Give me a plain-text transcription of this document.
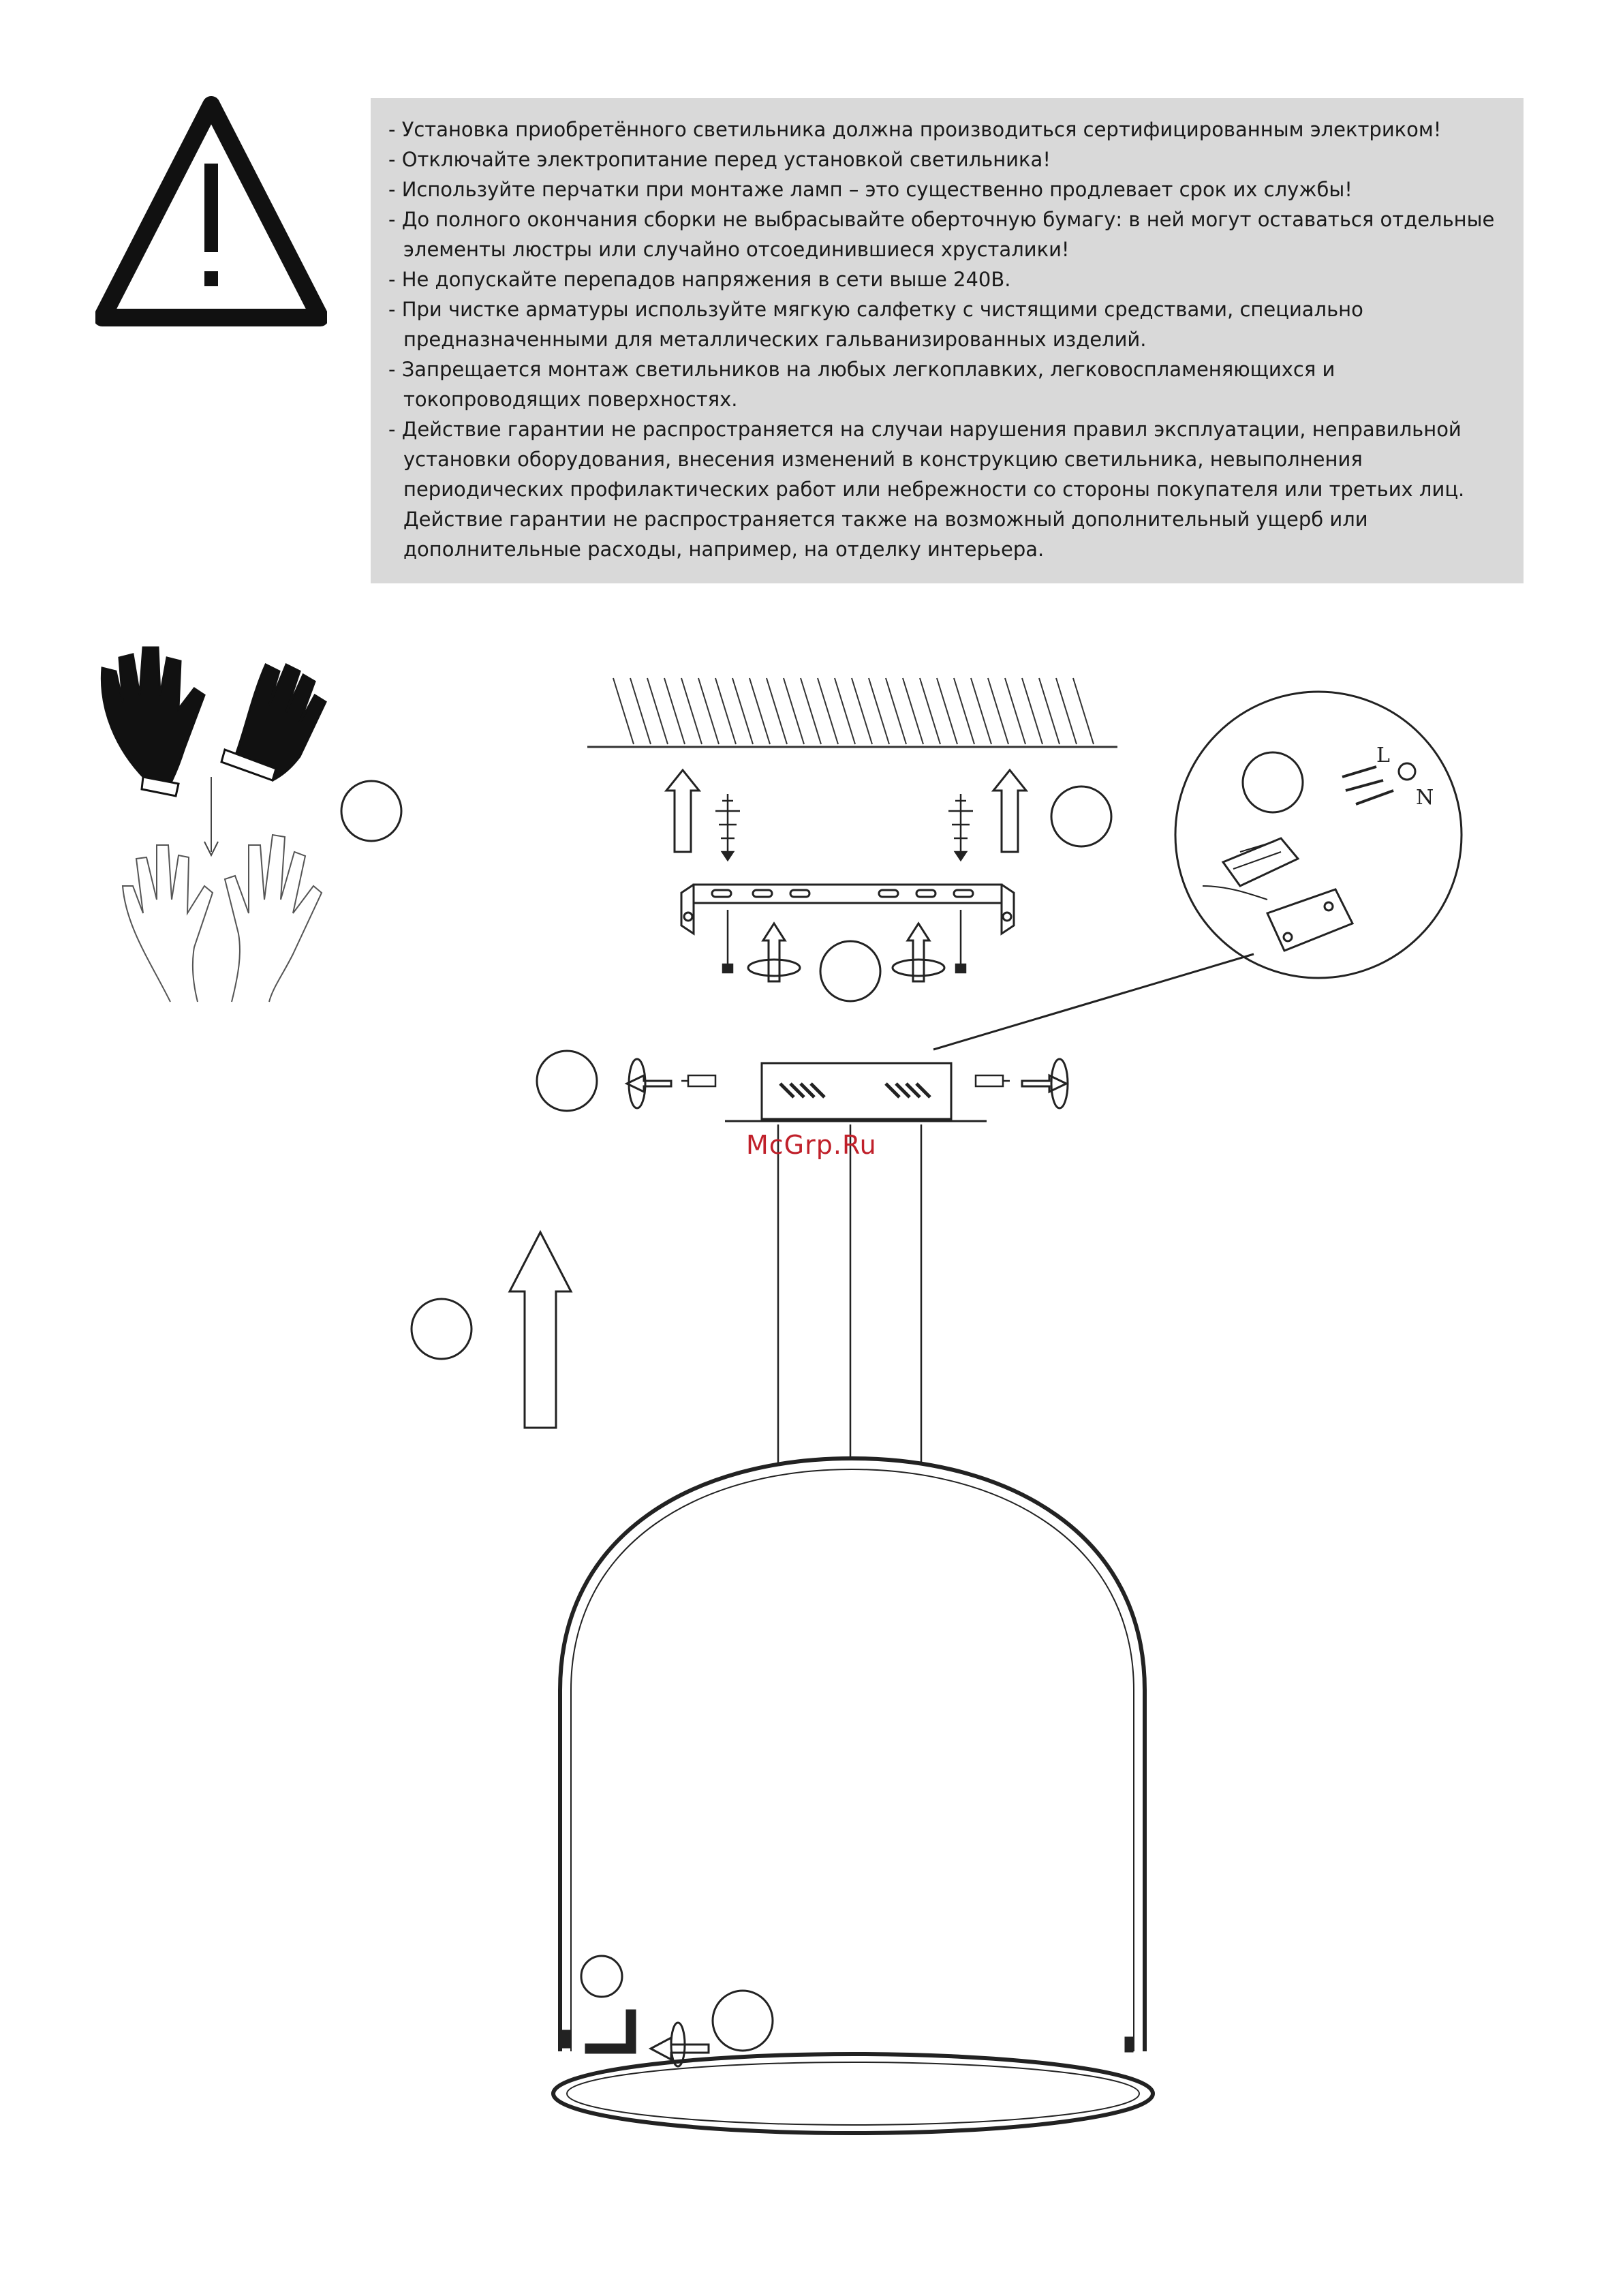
- Установка приобретённого светильника должна производиться сертифицированным электриком!
- Отключайте электропитание перед установкой светильника!
- Используйте перчатки при монтаже ламп – это существенно продлевает срок их службы!
- До полного окончания сборки не выбрасывайте оберточную бумагу: в ней могут оставаться отдельные элементы люстры или случайно отсоединившиеся хрусталики!
- Не допускайте перепадов напряжения в сети выше 240В.
- При чистке арматуры используйте мягкую салфетку с чистящими средствами, специально предназначенными для металлических гальванизированных изделий.
- Запрещается монтаж светильников на любых легкоплавких, легковоспламеняющихся и токопроводящих поверхностях.
- Действие гарантии не распространяется на случаи нарушения правил эксплуатации, неправильной установки оборудования, внесения изменений в конструкцию светильника, невыполнения периодических профилактических работ или небрежности со стороны покупателя или третьих лиц. Действие гарантии не распространяется также на возможный дополнительный ущерб или дополнительные расходы, например, на отделку интерьера.
L
N
McGrp.Ru
